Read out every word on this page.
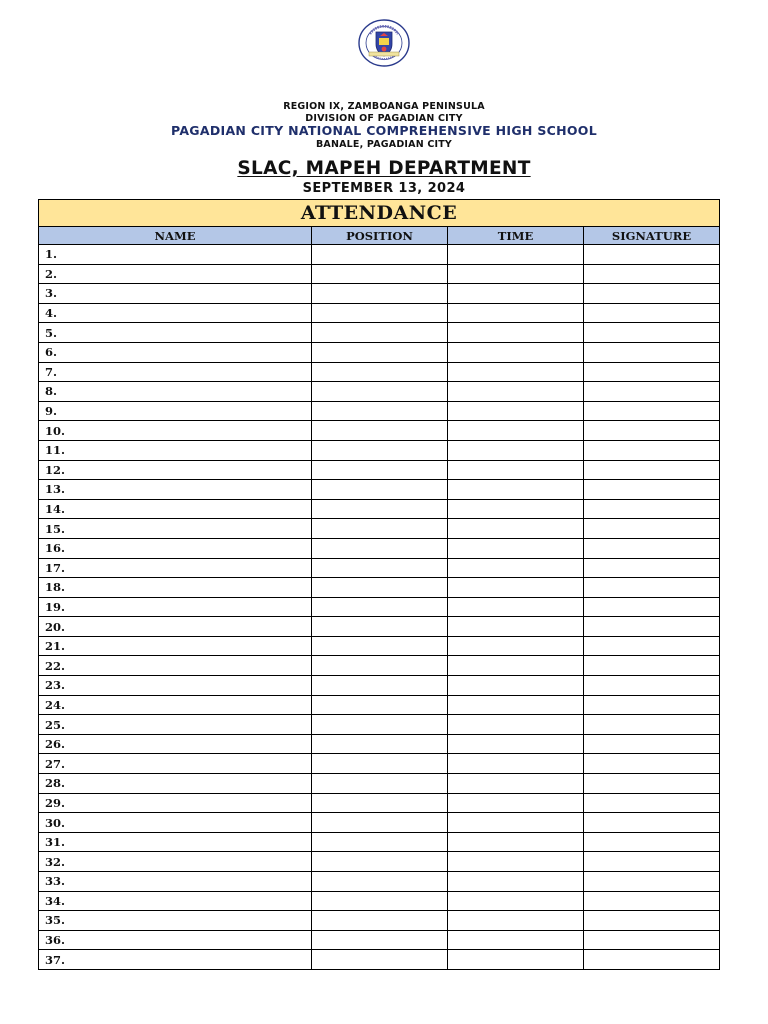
REGION IX, ZAMBOANGA PENINSULA
DIVISION OF PAGADIAN CITY
PAGADIAN CITY NATIONAL COMPREHENSIVE HIGH SCHOOL
BANALE, PAGADIAN CITY
SLAC, MAPEH DEPARTMENT
SEPTEMBER 13, 2024
ATTENDANCE			
NAME	POSITION	TIME	SIGNATURE
1.			
2.			
3.			
4.			
5.			
6.			
7.			
8.			
9.			
10.			
11.			
12.			
13.			
14.			
15.			
16.			
17.			
18.			
19.			
20.			
21.			
22.			
23.			
24.			
25.			
26.			
27.			
28.			
29.			
30.			
31.			
32.			
33.			
34.			
35.			
36.			
37.			
